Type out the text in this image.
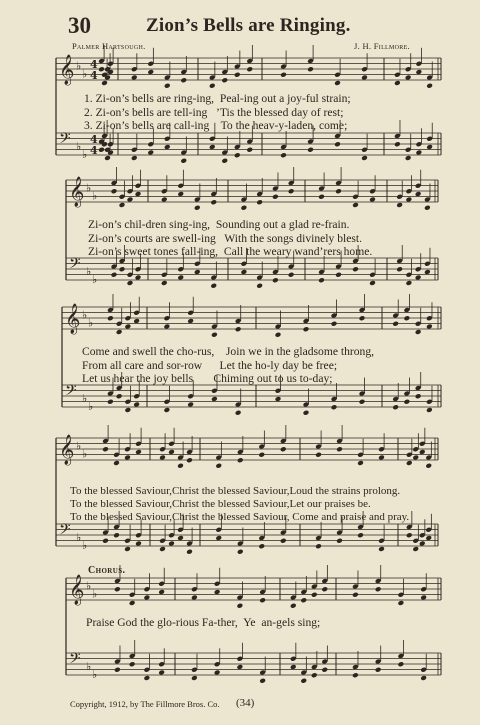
30	Zion’s Bells are Ringing.
Palmer Hartsough.	J. H. Fillmore.
𝄞 ♭
♭
4
4
𝄢 ♭
♭
4
4
𝄞 ♭
♭
𝄢 ♭
♭
𝄞 ♭
♭
𝄢 ♭
♭
𝄞 ♭
♭
𝄢 ♭
♭
𝄞 ♭
♭
𝄢 ♭
♭
1. Zi-on’s bells are ring-ing,  Peal-ing out a joy-ful strain;
2. Zi-on’s bells are tell-ing   ’Tis the blessed day of rest;
3. Zi-on’s bells are call-ing    To the heav-y-laden, come;
Zi-on’s chil-dren sing-ing,  Sounding out a glad re-frain.
Zi-on’s courts are swell-ing   With the songs divinely blest.
Zi-on’s sweet tones fall-ing,  Call the weary wand’rers home.
Come and swell the cho-rus,    Join we in the gladsome throng,
From all care and sor-row      Let the ho-ly day be free;
Let us hear the joy bells       Chiming out to us to-day;
To the blessed Saviour,Christ the blessed Saviour,Loud the strains prolong.
To the blessed Saviour,Christ the blessed Saviour,Let our praises be.
To the blessed Saviour,Christ the blessed Saviour, Come and praise and pray.
Chorus.
Praise God the glo-rious Fa-ther,  Ye  an-gels sing;
Copyright, 1912, by The Fillmore Bros. Co. (34)
